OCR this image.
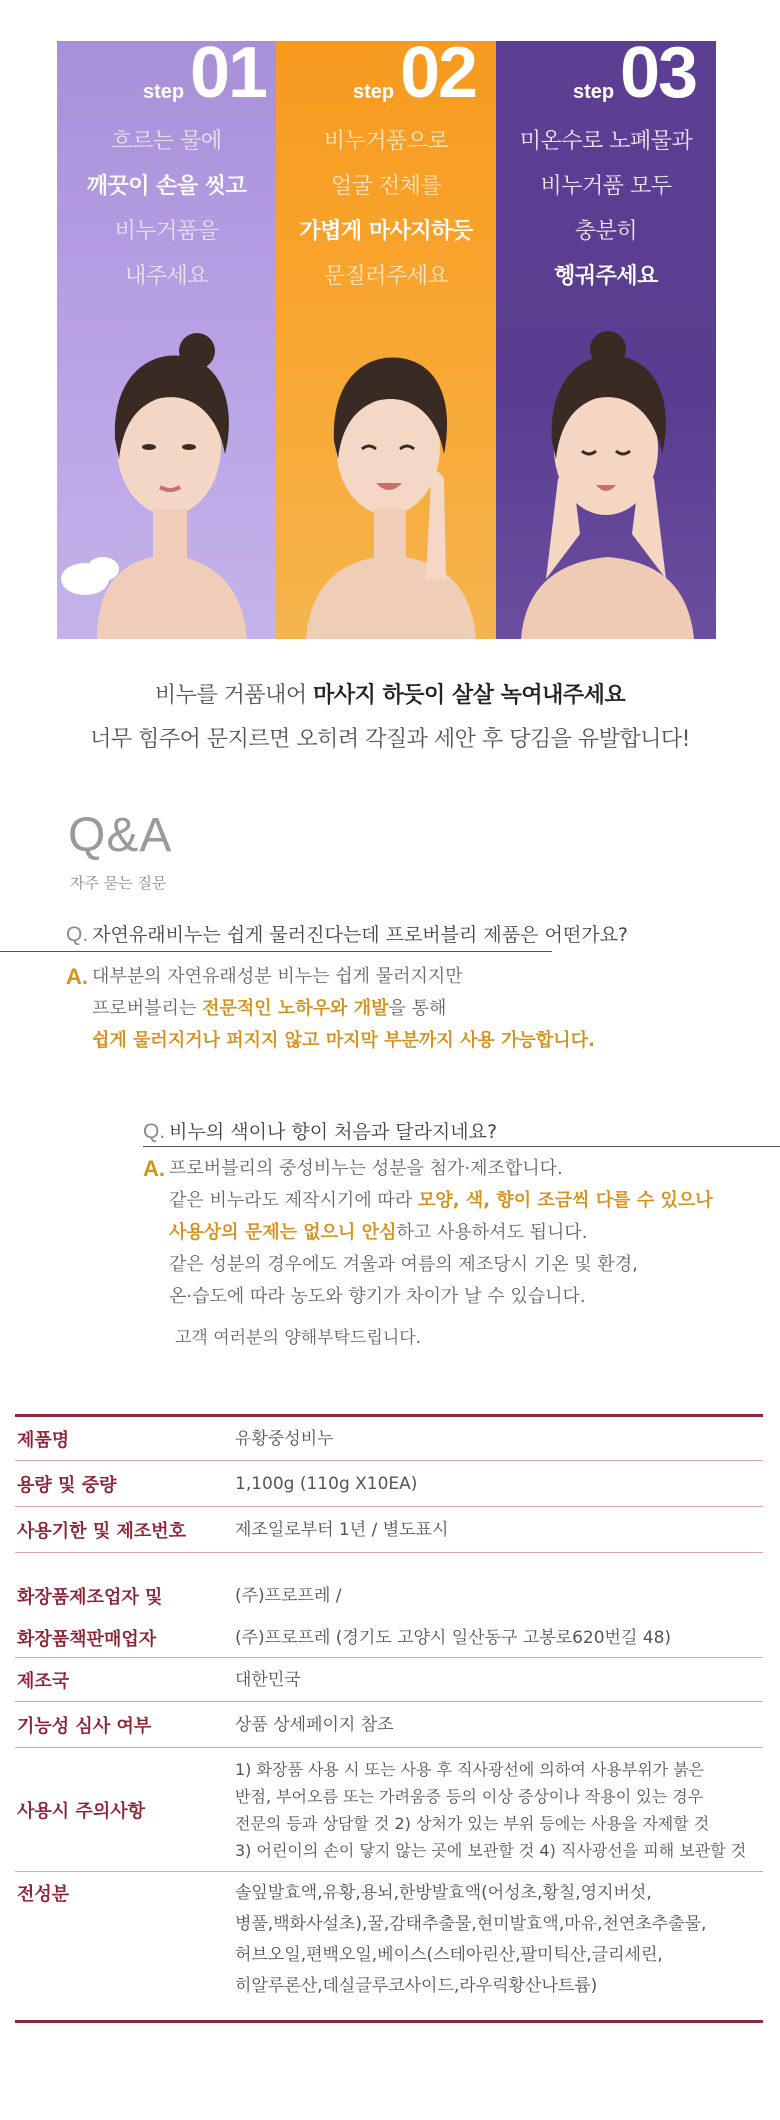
step 01
흐르는 물에
깨끗이 손을 씻고
비누거품을
내주세요
step 02
비누거품으로
얼굴 전체를
가볍게 마사지하듯
문질러주세요
step 03
미온수로 노폐물과
비누거품 모두
충분히
헹궈주세요
비누를 거품내어 마사지 하듯이 살살 녹여내주세요
너무 힘주어 문지르면 오히려 각질과 세안 후 당김을 유발합니다!
Q&A
자주 묻는 질문
Q. 자연유래비누는 쉽게 물러진다는데 프로버블리 제품은 어떤가요?
A. 대부분의 자연유래성분 비누는 쉽게 물러지지만
프로버블리는 전문적인 노하우와 개발을 통해
쉽게 물러지거나 퍼지지 않고 마지막 부분까지 사용 가능합니다.
Q. 비누의 색이나 향이 처음과 달라지네요?
A. 프로버블리의 중성비누는 성분을 첨가·제조합니다.
같은 비누라도 제작시기에 따라 모양, 색, 향이 조금씩 다를 수 있으나
사용상의 문제는 없으니 안심하고 사용하셔도 됩니다.
같은 성분의 경우에도 겨울과 여름의 제조당시 기온 및 환경,
온·습도에 따라 농도와 향기가 차이가 날 수 있습니다.
고객 여러분의 양해부탁드립니다.
제품명	유황중성비누
용량 및 중량	1,100g (110g X10EA)
사용기한 및 제조번호	제조일로부터 1년 / 별도표시
화장품제조업자 및	(주)프로프레 /
화장품책판매업자	(주)프로프레 (경기도 고양시 일산동구 고봉로620번길 48)
제조국	대한민국
기능성 심사 여부	상품 상세페이지 참조
사용시 주의사항
1) 화장품 사용 시 또는 사용 후 직사광선에 의하여 사용부위가 붉은
반점, 부어오름 또는 가려움증 등의 이상 증상이나 작용이 있는 경우
전문의 등과 상담할 것 2) 상처가 있는 부위 등에는 사용을 자제할 것
3) 어린이의 손이 닿지 않는 곳에 보관할 것 4) 직사광선을 피해 보관할 것
전성분	솔잎발효액,유황,용뇌,한방발효액(어성초,황칠,영지버섯,
병풀,백화사설초),꿀,감태추출물,현미발효액,마유,천연초추출물,
허브오일,편백오일,베이스(스테아린산,팔미틱산,글리세린,
히알루론산,데실글루코사이드,라우릭황산나트륨)
